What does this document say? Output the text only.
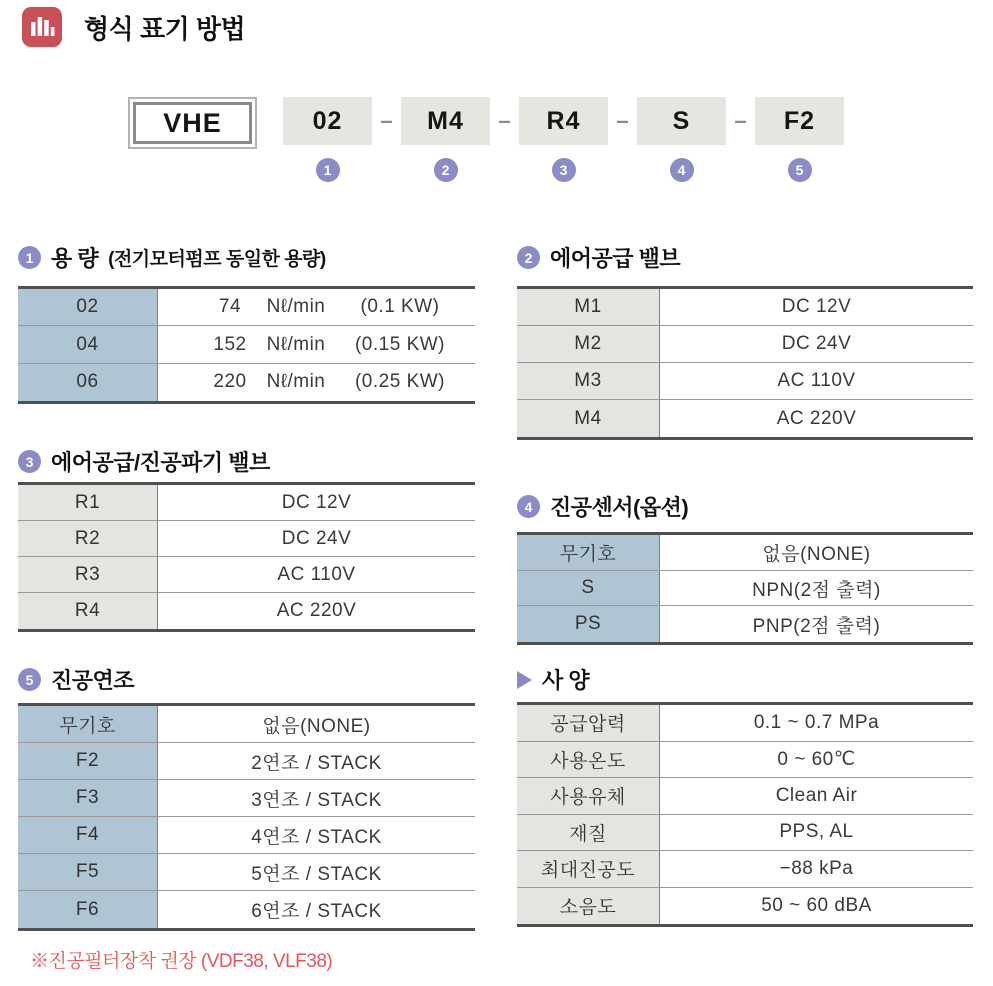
형식 표기 방법
VHE	02
1
–	M4
2
–	R4
3
–	S
4
–	F2
5
1 용 량 (전기모터펌프 동일한 용량)	2 에어공급 밸브
3 에어공급/진공파기 밸브
4 진공센서(옵션)
5 진공연조	사 양
02	74	Nℓ/min	(0.1 KW)
04	152	Nℓ/min	(0.15 KW)
06	220	Nℓ/min	(0.25 KW)
M1	DC 12V
M2	DC 24V
M3	AC 110V
M4	AC 220V
R1	DC 12V
R2	DC 24V
R3	AC 110V
R4	AC 220V
무기호	없음(NONE)
S	NPN(2점 출력)
PS	PNP(2점 출력)
무기호	없음(NONE)
F2	2연조 / STACK
F3	3연조 / STACK
F4	4연조 / STACK
F5	5연조 / STACK
F6	6연조 / STACK
공급압력	0.1 ~ 0.7 MPa
사용온도	0 ~ 60℃
사용유체	Clean Air
재질	PPS, AL
최대진공도	−88 kPa
소음도	50 ~ 60 dBA
※진공필터장착 권장 (VDF38, VLF38)
